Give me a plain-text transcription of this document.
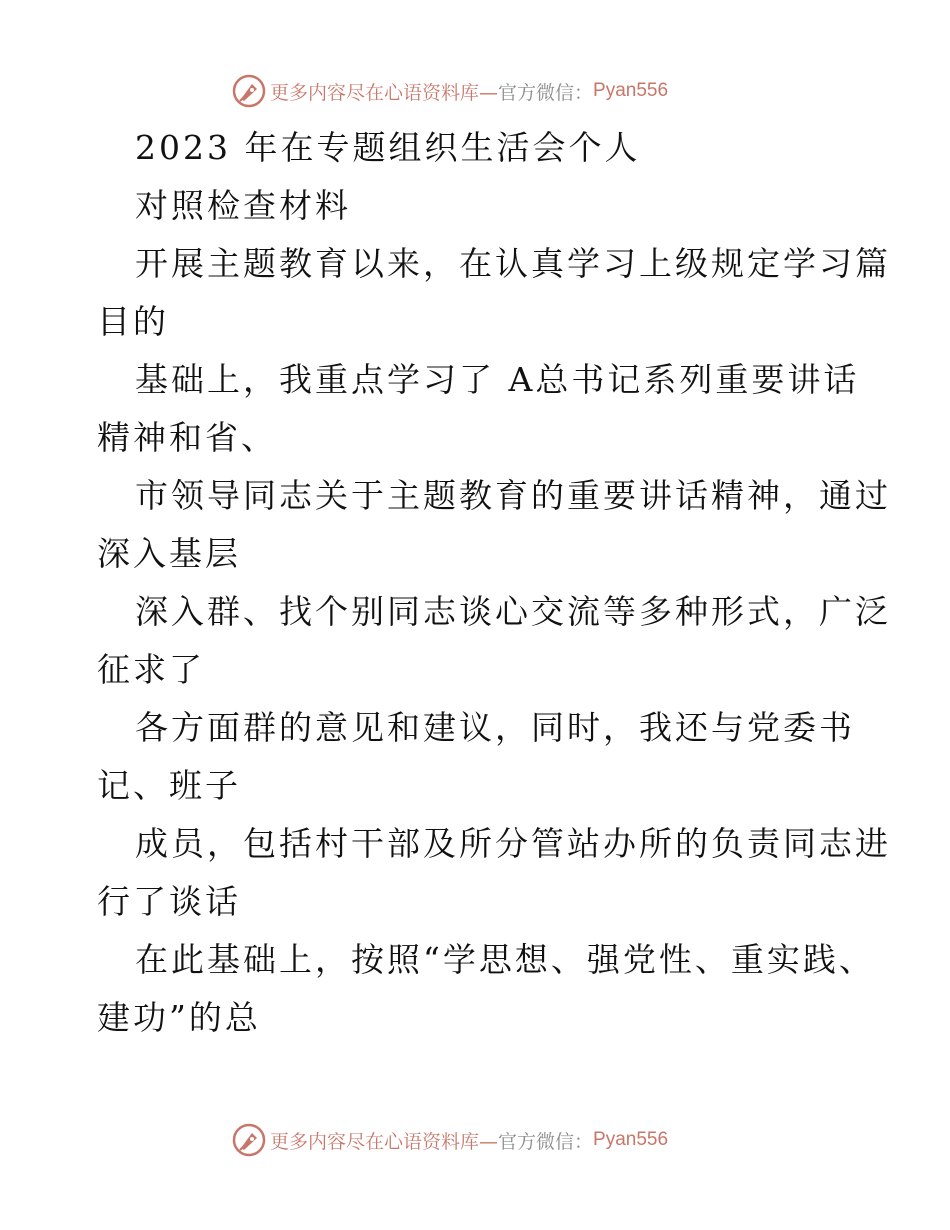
更多内容尽在心语资料库— 官方微信： Pyan556
2023 年在专题组织生活会个人
对照检查材料
开展主题教育以来，在认真学习上级规定学习篇
目的
基础上，我重点学习了 A总书记系列重要讲话
精神和省、
市领导同志关于主题教育的重要讲话精神，通过
深入基层
深入群、找个别同志谈心交流等多种形式，广泛
征求了
各方面群的意见和建议，同时，我还与党委书
记、班子
成员，包括村干部及所分管站办所的负责同志进
行了谈话
在此基础上，按照“学思想、强党性、重实践、
建功”的总
更多内容尽在心语资料库— 官方微信： Pyan556
